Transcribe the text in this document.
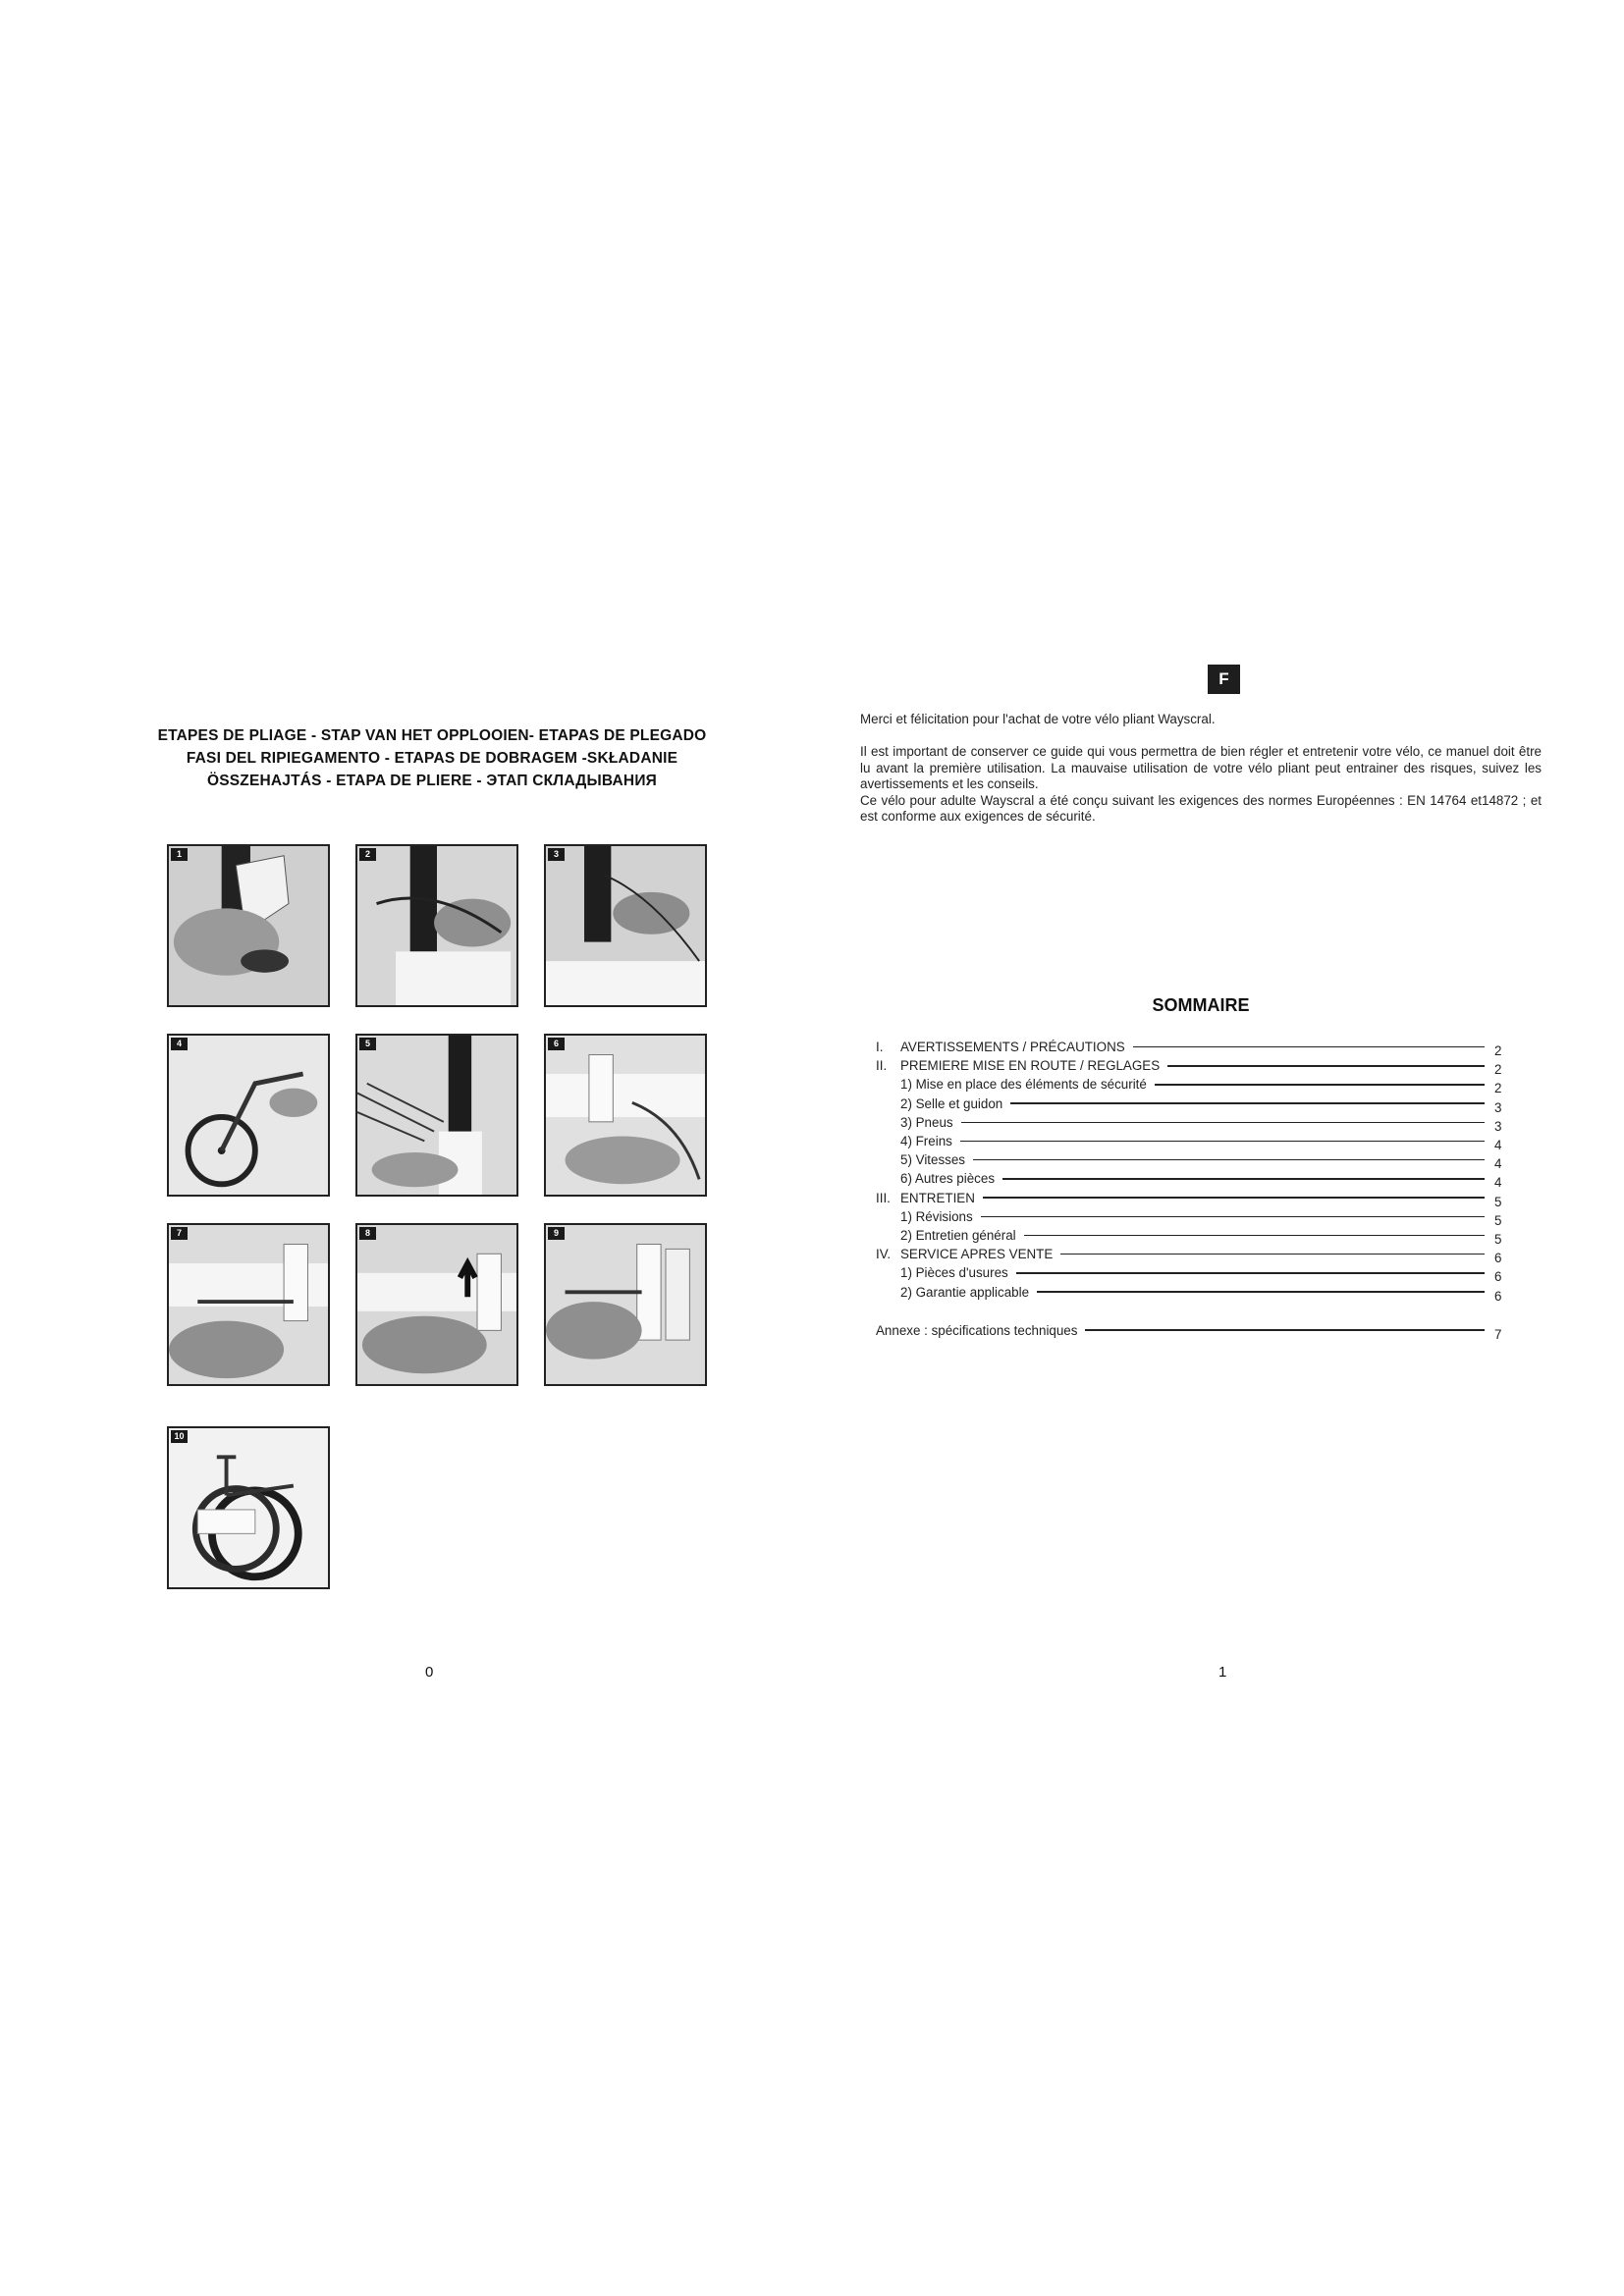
ETAPES DE PLIAGE - STAP VAN HET OPPLOOIEN- ETAPAS DE PLEGADO
FASI DEL RIPIEGAMENTO - ETAPAS DE DOBRAGEM -SKŁADANIE
ÖSSZEHAJTÁS - ETAPA DE PLIERE - ЭТАП СКЛАДЫВАНИЯ
1	2	3
4	5	6
7	8	9
10
0
F
Merci et félicitation pour l'achat de votre vélo pliant Wayscral.

Il est important de conserver ce guide qui vous permettra de bien régler et entretenir votre vélo, ce manuel doit être lu avant la première utilisation. La mauvaise utilisation de votre vélo pliant peut entrainer des risques, suivez les avertissements et les conseils.

Ce vélo pour adulte Wayscral a été conçu suivant les exigences des normes Européennes : EN 14764 et14872 ; et est conforme aux exigences de sécurité.

SOMMAIRE
I. AVERTISSEMENTS / PRÉCAUTIONS	2
II. PREMIERE MISE EN ROUTE / REGLAGES	2
1) Mise en place des éléments de sécurité	2
2) Selle et guidon	3
3) Pneus	3
4) Freins	4
5) Vitesses	4
6) Autres pièces	4
III. ENTRETIEN	5
1) Révisions	5
2) Entretien général	5
IV. SERVICE APRES VENTE	6
1) Pièces d'usures	6
2) Garantie applicable	6
Annexe : spécifications techniques	7
1
